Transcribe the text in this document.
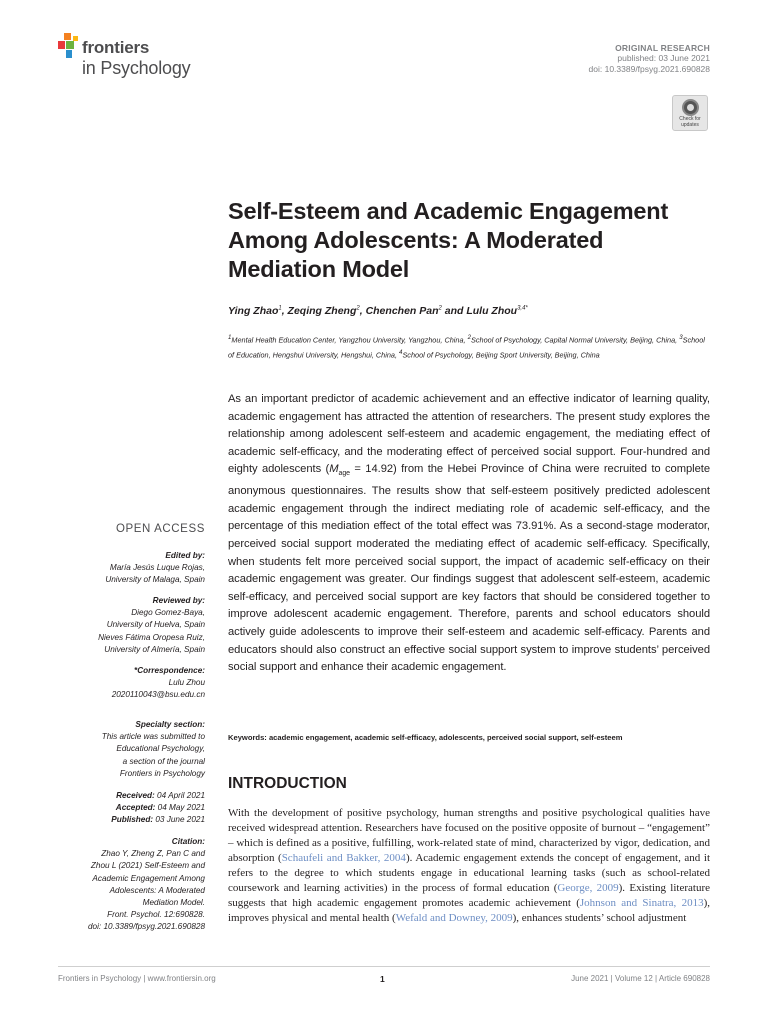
frontiers
in Psychology
ORIGINAL RESEARCH
published: 03 June 2021
doi: 10.3389/fpsyg.2021.690828
Check for
updates
Self-Esteem and Academic Engagement Among Adolescents: A Moderated Mediation Model
Ying Zhao$^1$, Zeqing Zheng$^2$, Chenchen Pan$^2$ and Lulu Zhou$^{3,4*}$
$^1$Mental Health Education Center, Yangzhou University, Yangzhou, China, $^2$School of Psychology, Capital Normal University, Beijing, China, $^3$School of Education, Hengshui University, Hengshui, China, $^4$School of Psychology, Beijing Sport University, Beijing, China
As an important predictor of academic achievement and an effective indicator of learning quality, academic engagement has attracted the attention of researchers. The present study explores the relationship among adolescent self-esteem and academic engagement, the mediating effect of academic self-efficacy, and the moderating effect of perceived social support. Four-hundred and eighty adolescents $(M_{age} = 14.92)$ from the Hebei Province of China were recruited to complete anonymous questionnaires. The results show that self-esteem positively predicted adolescent academic engagement through the indirect mediating role of academic self-efficacy, and the percentage of this mediation effect of the total effect was 73.91%. As a second-stage moderator, perceived social support moderated the mediating effect of academic self-efficacy. Specifically, when students felt more perceived social support, the impact of academic self-efficacy on their academic engagement was greater. Our findings suggest that adolescent self-esteem, academic self-efficacy, and perceived social support are key factors that should be considered together to improve adolescent academic engagement. Therefore, parents and school educators should actively guide adolescents to improve their self-esteem and academic self-efficacy. Parents and educators should also construct an effective social support system to improve students’ perceived social support and enhance their academic engagement.
Keywords: academic engagement, academic self-efficacy, adolescents, perceived social support, self-esteem
INTRODUCTION
With the development of positive psychology, human strengths and positive psychological qualities have received widespread attention. Researchers have focused on the positive opposite of burnout – “engagement” – which is defined as a positive, fulfilling, work-related state of mind, characterized by vigor, dedication, and absorption (Schaufeli and Bakker, 2004). Academic engagement extends the concept of engagement, and it refers to the degree to which students engage in educational learning tasks (such as school-related coursework and learning activities) in the process of formal education (George, 2009). Existing literature suggests that high academic engagement promotes academic achievement (Johnson and Sinatra, 2013), improves physical and mental health (Wefald and Downey, 2009), enhances students’ school adjustment
OPEN ACCESS
Edited by:
María Jesús Luque Rojas,
University of Malaga, Spain
Reviewed by:
Diego Gomez-Baya,
University of Huelva, Spain
Nieves Fátima Oropesa Ruiz,
University of Almería, Spain
*Correspondence:
Lulu Zhou
2020110043@bsu.edu.cn
Specialty section:
This article was submitted to
Educational Psychology,
a section of the journal
Frontiers in Psychology
Received: 04 April 2021
Accepted: 04 May 2021
Published: 03 June 2021
Citation:
Zhao Y, Zheng Z, Pan C and
Zhou L (2021) Self-Esteem and
Academic Engagement Among
Adolescents: A Moderated
Mediation Model.
Front. Psychol. 12:690828.
doi: 10.3389/fpsyg.2021.690828
Frontiers in Psychology | www.frontiersin.org	1	June 2021 | Volume 12 | Article 690828
